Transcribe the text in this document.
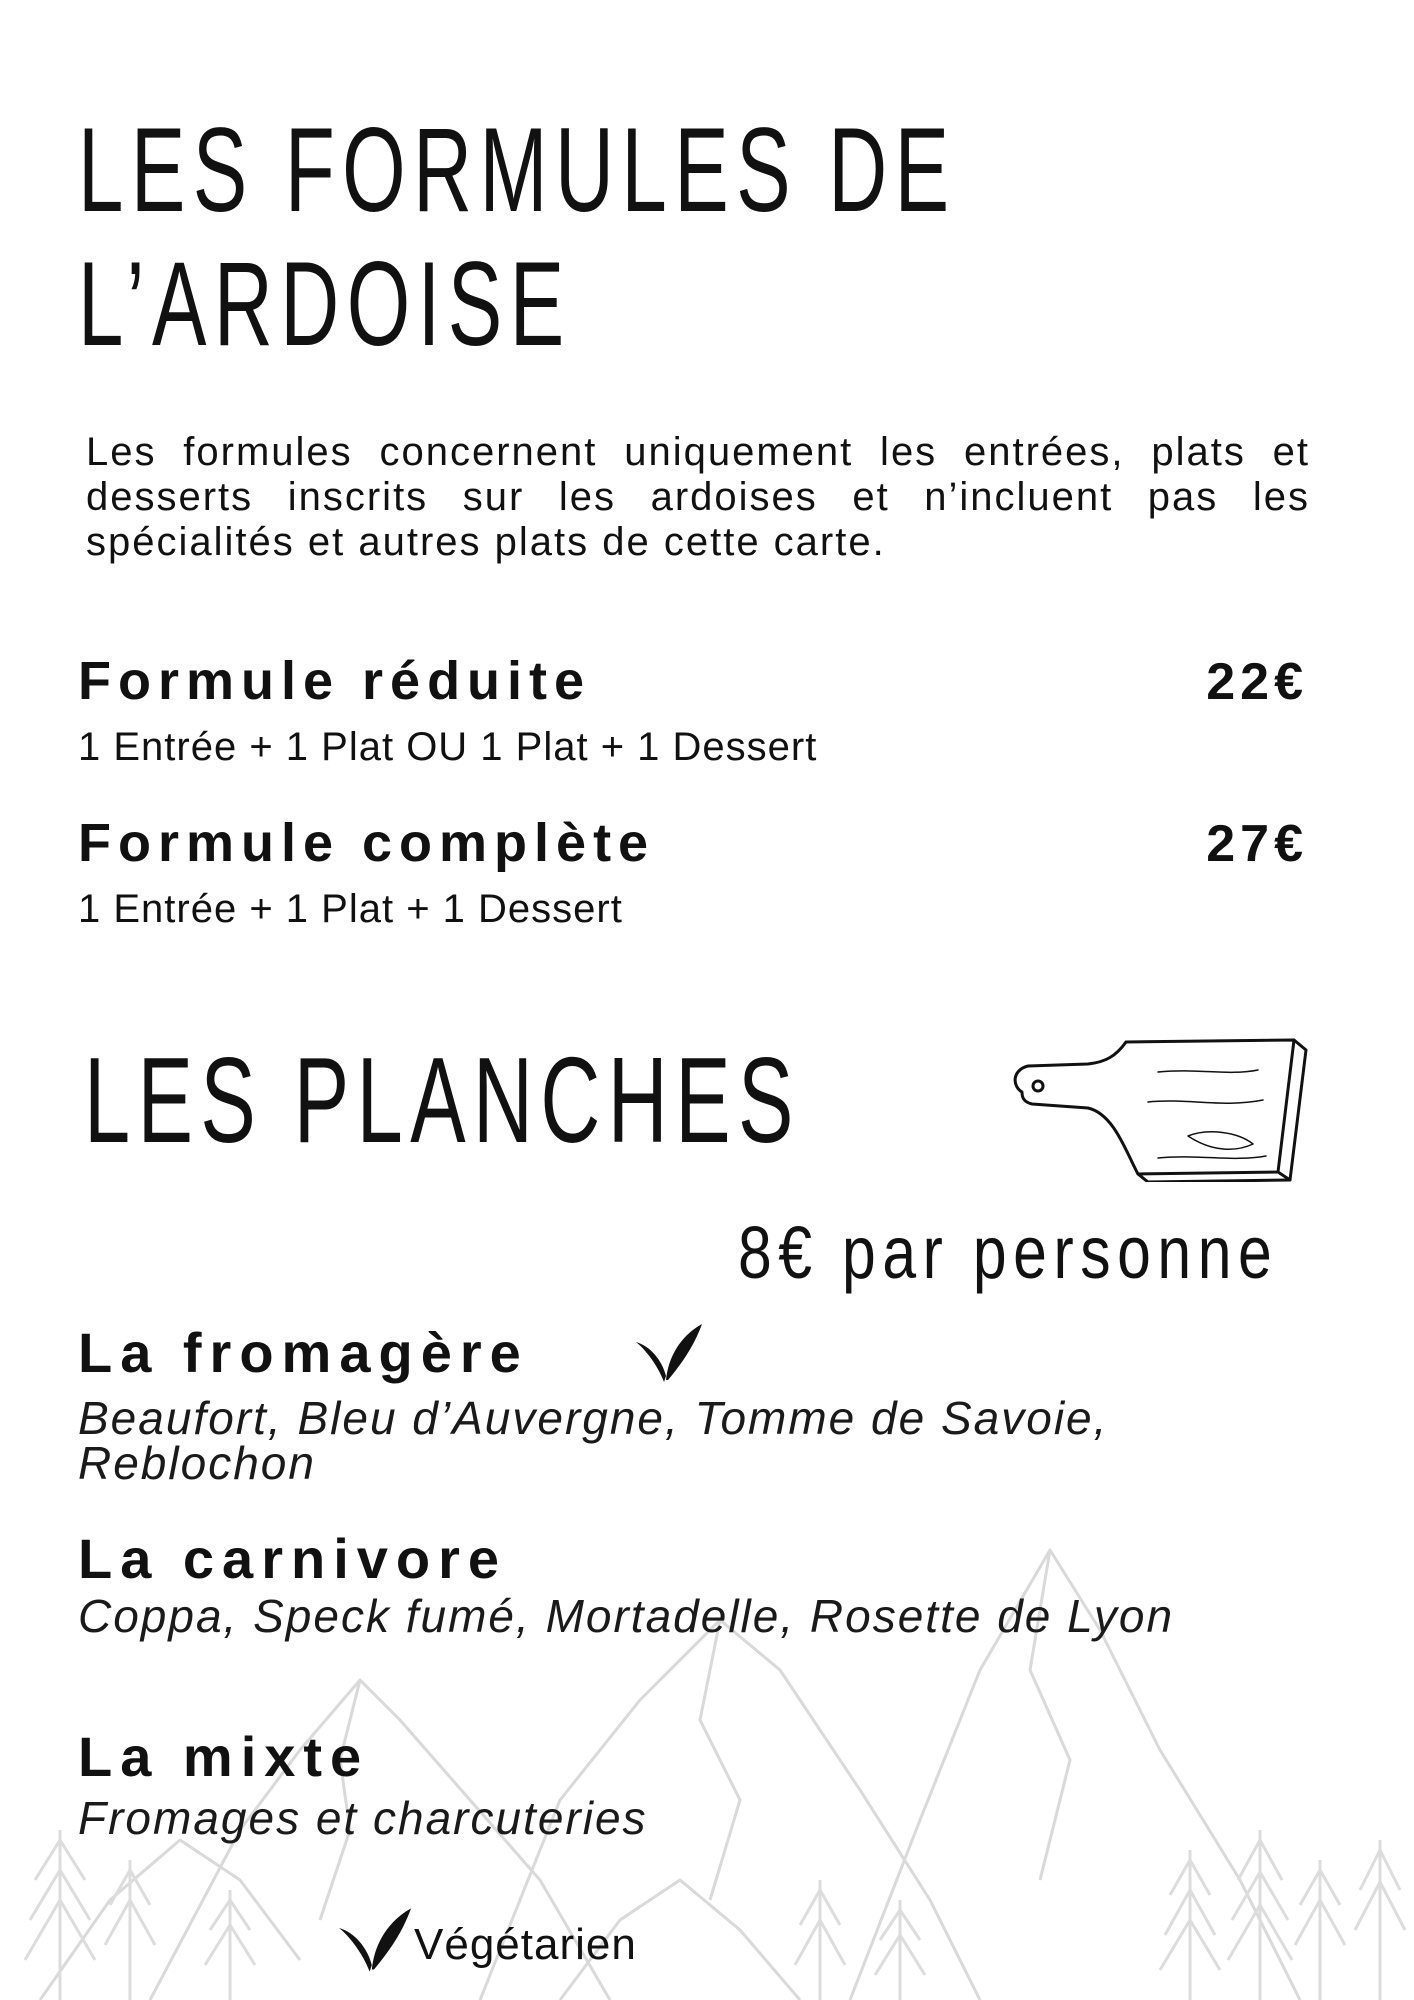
LES FORMULES DE
L’ARDOISE

Les formules concernent uniquement les entrées, plats et desserts inscrits sur les ardoises et n’incluent pas les spécialités et autres plats de cette carte.

Formule réduite	22€
1 Entrée + 1 Plat OU 1 Plat + 1 Dessert
Formule complète	27€
1 Entrée + 1 Plat + 1 Dessert
LES PLANCHES
8€ par personne
La fromagère
Beaufort, Bleu d’Auvergne, Tomme de Savoie, Reblochon
La carnivore
Coppa, Speck fumé, Mortadelle, Rosette de Lyon
La mixte
Fromages et charcuteries
Végétarien
